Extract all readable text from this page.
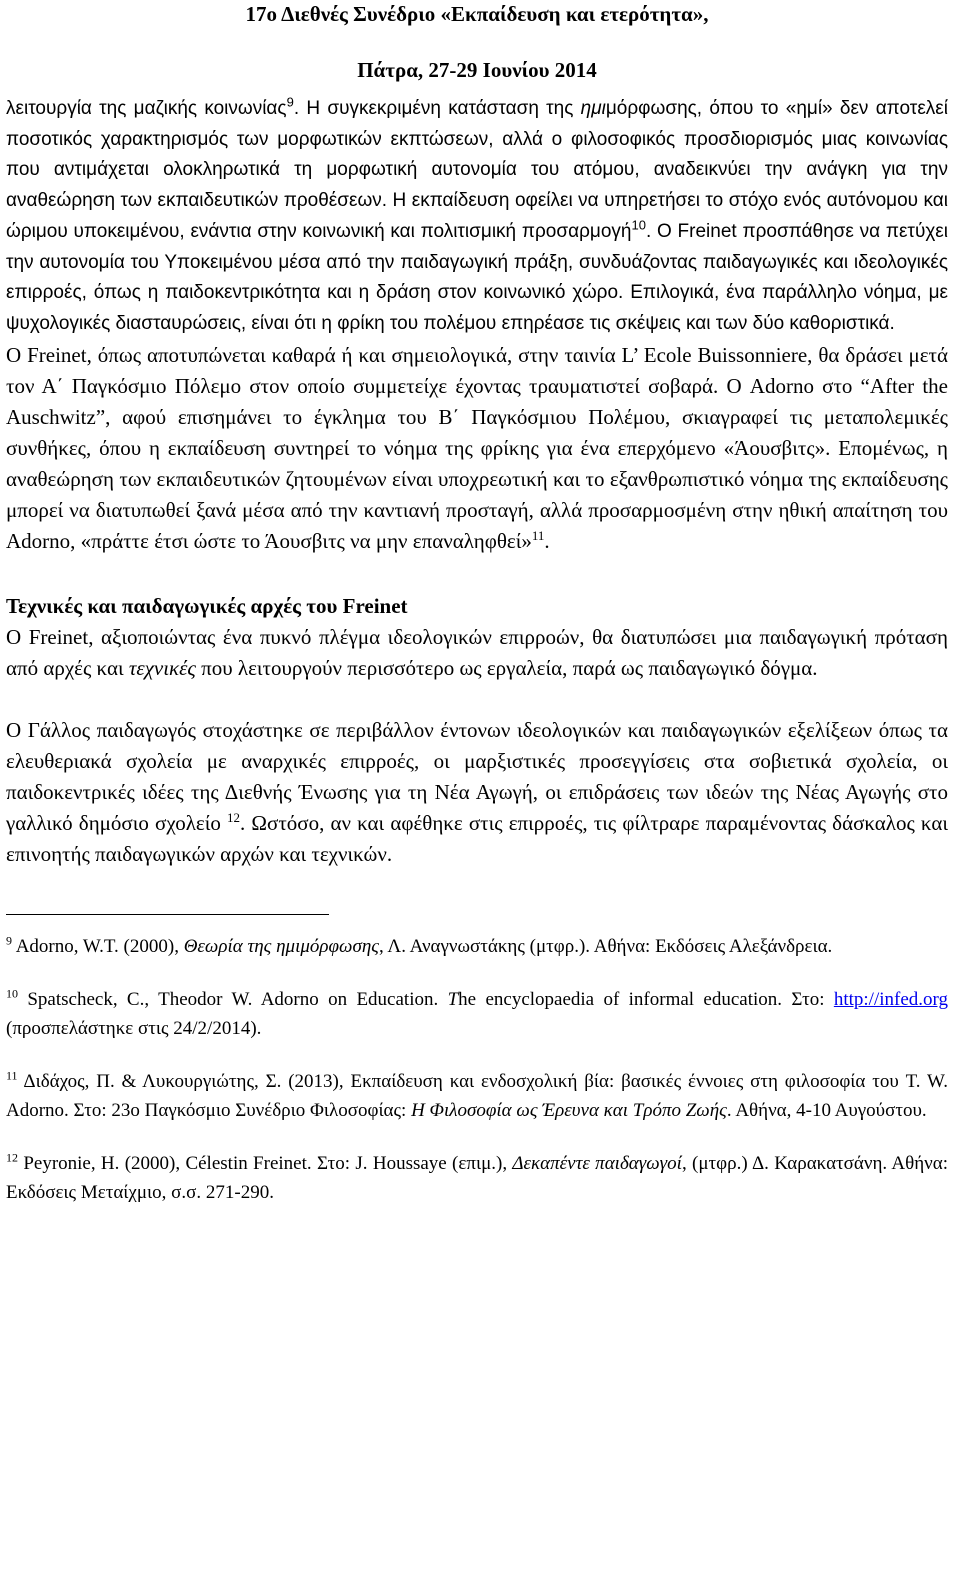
17ο Διεθνές Συνέδριο «Εκπαίδευση και ετερότητα»,
Πάτρα, 27-29 Ιουνίου 2014

λειτουργία της μαζικής κοινωνίας$^9$. Η συγκεκριμένη κατάσταση της ημιμόρφωσης, όπου το «ημί» δεν αποτελεί ποσοτικός χαρακτηρισμός των μορφωτικών εκπτώσεων, αλλά ο φιλοσοφικός προσδιορισμός μιας κοινωνίας που αντιμάχεται ολοκληρωτικά τη μορφωτική αυτονομία του ατόμου, αναδεικνύει την ανάγκη για την αναθεώρηση των εκπαιδευτικών προθέσεων. Η εκπαίδευση οφείλει να υπηρετήσει το στόχο ενός αυτόνομου και ώριμου υποκειμένου, ενάντια στην κοινωνική και πολιτισμική προσαρμογή$^{10}$. Ο Freinet προσπάθησε να πετύχει την αυτονομία του Υποκειμένου μέσα από την παιδαγωγική πράξη, συνδυάζοντας παιδαγωγικές και ιδεολογικές επιρροές, όπως η παιδοκεντρικότητα και η δράση στον κοινωνικό χώρο. Επιλογικά, ένα παράλληλο νόημα, με ψυχολογικές διασταυρώσεις, είναι ότι η φρίκη του πολέμου επηρέασε τις σκέψεις και των δύο καθοριστικά.

Ο Freinet, όπως αποτυπώνεται καθαρά ή και σημειολογικά, στην ταινία L’ Ecole Buissonniere, θα δράσει μετά τον Α΄ Παγκόσμιο Πόλεμο στον οποίο συμμετείχε έχοντας τραυματιστεί σοβαρά. Ο Adorno στο “After the Auschwitz”, αφού επισημάνει το έγκλημα του Β΄ Παγκόσμιου Πολέμου, σκιαγραφεί τις μεταπολεμικές συνθήκες, όπου η εκπαίδευση συντηρεί το νόημα της φρίκης για ένα επερχόμενο «Άουσβιτς». Επομένως, η αναθεώρηση των εκπαιδευτικών ζητουμένων είναι υποχρεωτική και το εξανθρωπιστικό νόημα της εκπαίδευσης μπορεί να διατυπωθεί ξανά μέσα από την καντιανή προσταγή, αλλά προσαρμοσμένη στην ηθική απαίτηση του Adorno, «πράττε έτσι ώστε το Άουσβιτς να μην επαναληφθεί»$^{11}$.

Τεχνικές και παιδαγωγικές αρχές του Freinet

Ο Freinet, αξιοποιώντας ένα πυκνό πλέγμα ιδεολογικών επιρροών, θα διατυπώσει μια παιδαγωγική πρόταση από αρχές και τεχνικές που λειτουργούν περισσότερο ως εργαλεία, παρά ως παιδαγωγικό δόγμα.

Ο Γάλλος παιδαγωγός στοχάστηκε σε περιβάλλον έντονων ιδεολογικών και παιδαγωγικών εξελίξεων όπως τα ελευθεριακά σχολεία με αναρχικές επιρροές, οι μαρξιστικές προσεγγίσεις στα σοβιετικά σχολεία, οι παιδοκεντρικές ιδέες της Διεθνής Ένωσης για τη Νέα Αγωγή, οι επιδράσεις των ιδεών της Νέας Αγωγής στο γαλλικό δημόσιο σχολείο $^{12}$. Ωστόσο, αν και αφέθηκε στις επιρροές, τις φίλτραρε παραμένοντας δάσκαλος και επινοητής παιδαγωγικών αρχών και τεχνικών.

$^9$ Adorno, W.T. (2000), Θεωρία της ημιμόρφωσης, Λ. Αναγνωστάκης (μτφρ.). Αθήνα: Εκδόσεις Αλεξάνδρεια.

$^{10}$ Spatscheck, C., Theodor W. Adorno on Education. The encyclopaedia of informal education. Στο: http://infed.org (προσπελάστηκε στις 24/2/2014).

$^{11}$ Διδάχος, Π. & Λυκουργιώτης, Σ. (2013), Εκπαίδευση και ενδοσχολική βία: βασικές έννοιες στη φιλοσοφία του T. W. Adorno. Στο: 23ο Παγκόσμιο Συνέδριο Φιλοσοφίας: Η Φιλοσοφία ως Έρευνα και Τρόπο Ζωής. Αθήνα, 4-10 Αυγούστου.

$^{12}$ Peyronie, H. (2000), Célestin Freinet. Στο: J. Houssaye (επιμ.), Δεκαπέντε παιδαγωγοί, (μτφρ.) Δ. Καρακατσάνη. Αθήνα: Εκδόσεις Μεταίχμιο, σ.σ. 271-290.
